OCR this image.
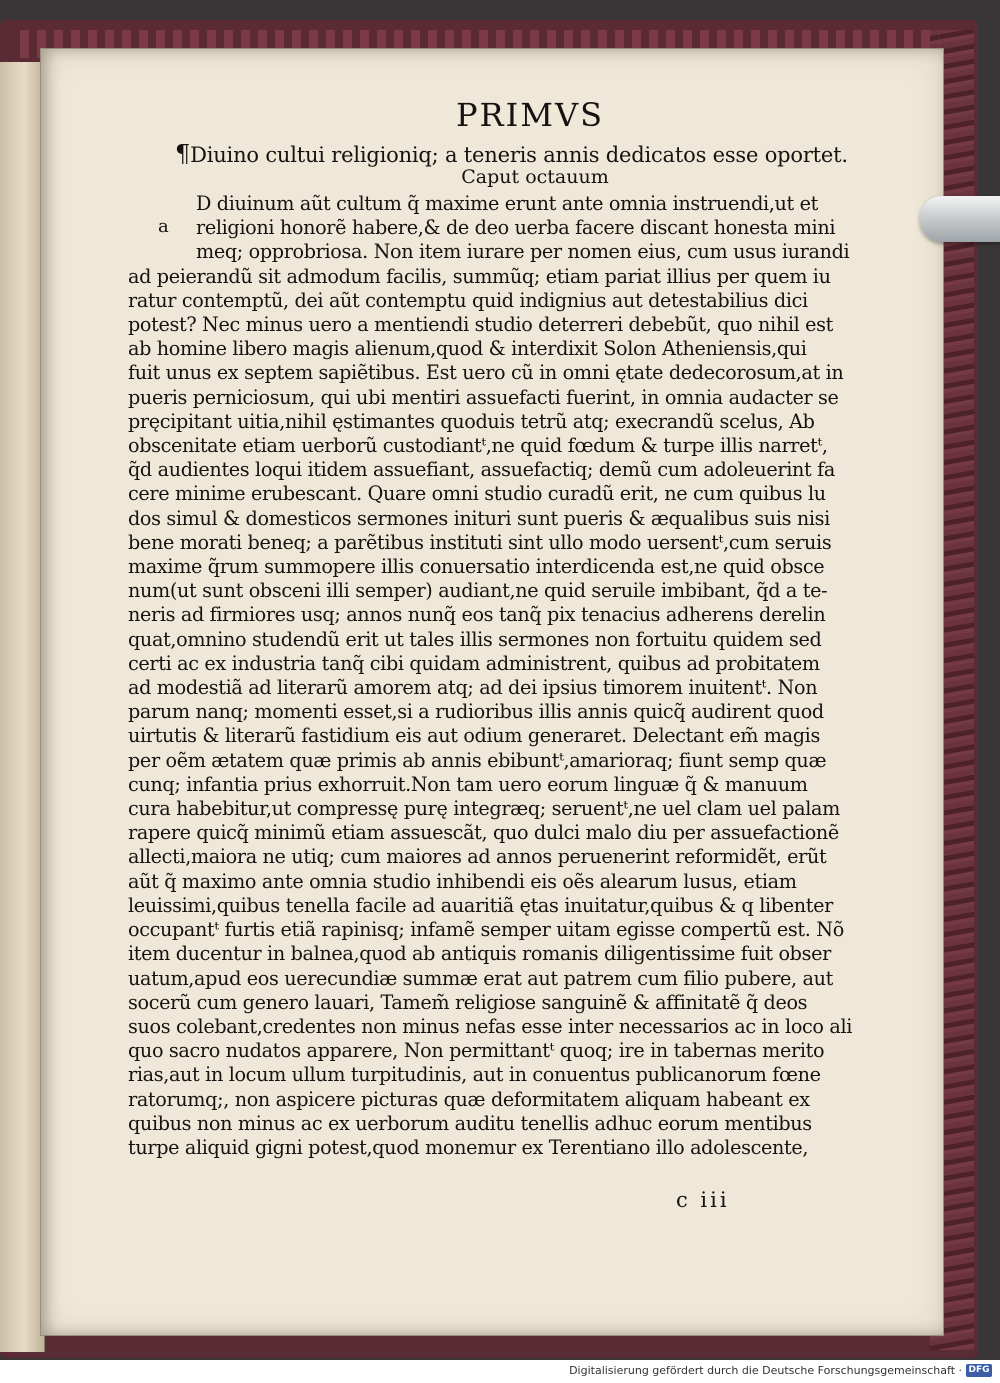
PRIMVS
¶Diuino cultui religioniq; a teneris annis dedicatos esse oportet.
Caput octauum
a
D diuinum aũt cultum q̃ maxime erunt ante omnia instruendi,ut et
religioni honorẽ habere,& de deo uerba facere discant honesta mini
meq; opprobriosa. Non item iurare per nomen eius, cum usus iurandi
ad peierandũ sit admodum facilis, summũq; etiam pariat illius per quem iu
ratur contemptũ, dei aũt contemptu quid indignius aut detestabilius dici
potest? Nec minus uero a mentiendi studio deterreri debebũt, quo nihil est
ab homine libero magis alienum,quod & interdixit Solon Atheniensis,qui
fuit unus ex septem sapiẽtibus. Est uero cũ in omni ętate dedecorosum,at in
pueris perniciosum, qui ubi mentiri assuefacti fuerint, in omnia audacter se
pręcipitant uitia,nihil ęstimantes quoduis tetrũ atq; execrandũ scelus, Ab
obscenitate etiam uerborũ custodiantᵗ,ne quid fœdum & turpe illis narretᵗ,
q̃d audientes loqui itidem assuefiant, assuefactiq; demũ cum adoleuerint fa
cere minime erubescant. Quare omni studio curadũ erit, ne cum quibus lu
dos simul & domesticos sermones inituri sunt pueris & æqualibus suis nisi
bene morati beneq; a parẽtibus instituti sint ullo modo uersentᵗ,cum seruis
maxime q̃rum summopere illis conuersatio interdicenda est,ne quid obsce
num(ut sunt obsceni illi semper) audiant,ne quid seruile imbibant, q̃d a te-
neris ad firmiores usq; annos nunq̃ eos tanq̃ pix tenacius adherens derelin
quat,omnino studendũ erit ut tales illis sermones non fortuitu quidem sed
certi ac ex industria tanq̃ cibi quidam administrent, quibus ad probitatem
ad modestiã ad literarũ amorem atq; ad dei ipsius timorem inuitentᵗ. Non
parum nanq; momenti esset,si a rudioribus illis annis quicq̃ audirent quod
uirtutis & literarũ fastidium eis aut odium generaret. Delectant em̃ magis
per oẽm ætatem quæ primis ab annis ebibuntᵗ,amarioraq; fiunt semp quæ
cunq; infantia prius exhorruit.Non tam uero eorum linguæ q̃ & manuum
cura habebitur,ut compressę purę integræq; seruentᵗ,ne uel clam uel palam
rapere quicq̃ minimũ etiam assuescãt, quo dulci malo diu per assuefactionẽ
allecti,maiora ne utiq; cum maiores ad annos peruenerint reformidẽt, erũt
aũt q̃ maximo ante omnia studio inhibendi eis oẽs alearum lusus, etiam
leuissimi,quibus tenella facile ad auaritiã ętas inuitatur,quibus & q libenter
occupantᵗ furtis etiã rapinisq; infamẽ semper uitam egisse compertũ est. Nõ
item ducentur in balnea,quod ab antiquis romanis diligentissime fuit obser
uatum,apud eos uerecundiæ summæ erat aut patrem cum filio pubere, aut
socerũ cum genero lauari, Tamem̃ religiose sanguinẽ & affinitatẽ q̃ deos
suos colebant,credentes non minus nefas esse inter necessarios ac in loco ali
quo sacro nudatos apparere, Non permittantᵗ quoq; ire in tabernas merito
rias,aut in locum ullum turpitudinis, aut in conuentus publicanorum fœne
ratorumq;, non aspicere picturas quæ deformitatem aliquam habeant ex
quibus non minus ac ex uerborum auditu tenellis adhuc eorum mentibus
turpe aliquid gigni potest,quod monemur ex Terentiano illo adolescente,
c iii
Digitalisierung gefördert durch die Deutsche Forschungsgemeinschaft · DFG
